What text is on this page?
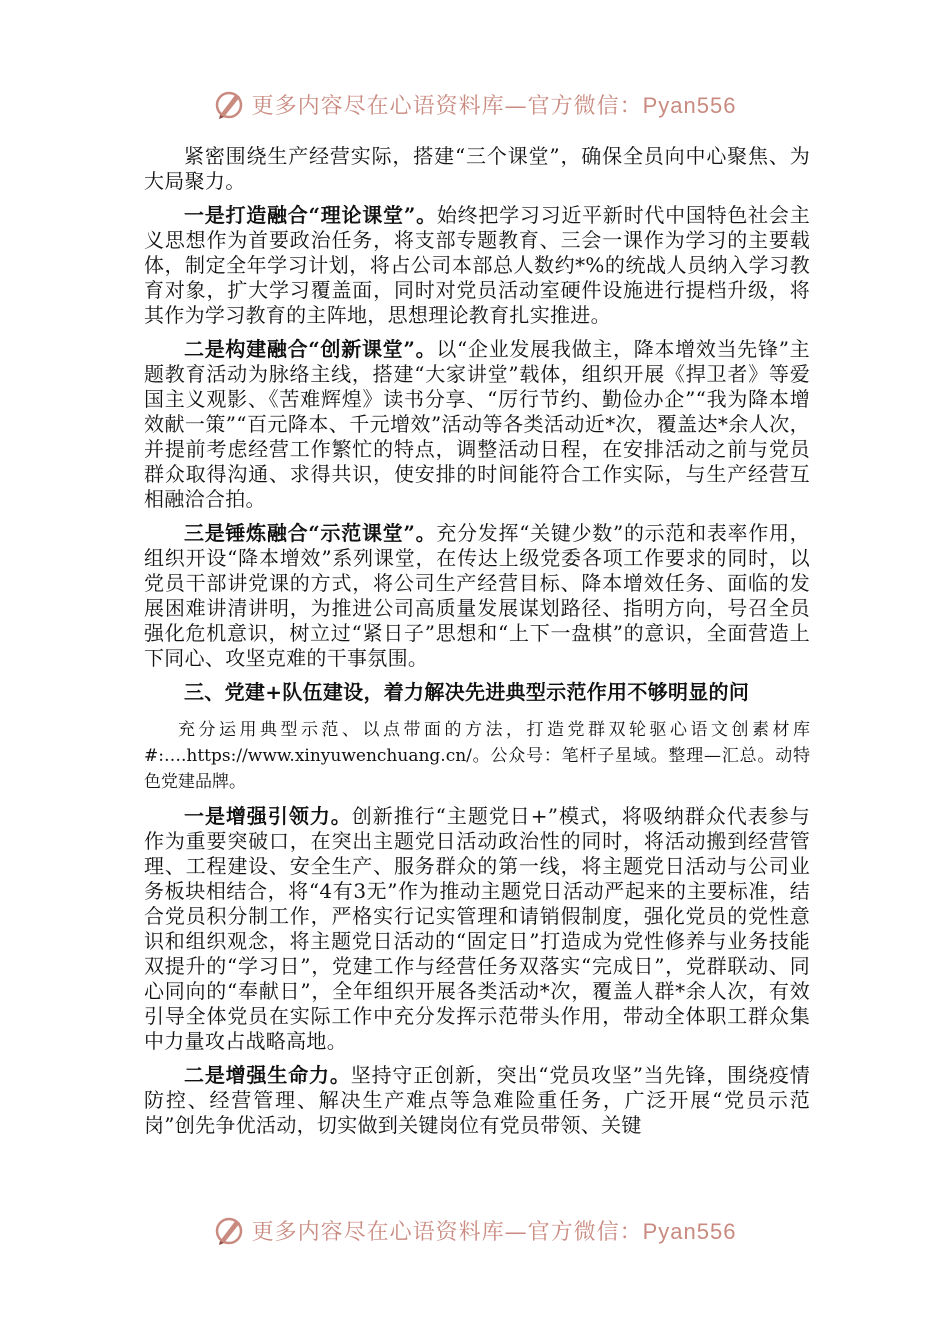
更多内容尽在心语资料库—官方微信：Pyan556

紧密围绕生产经营实际，搭建“三个课堂”，确保全员向中心聚焦、为大局聚力。

一是打造融合“理论课堂”。始终把学习习近平新时代中国特色社会主义思想作为首要政治任务，将支部专题教育、三会一课作为学习的主要载体，制定全年学习计划，将占公司本部总人数约*%的统战人员纳入学习教育对象，扩大学习覆盖面，同时对党员活动室硬件设施进行提档升级，将其作为学习教育的主阵地，思想理论教育扎实推进。

二是构建融合“创新课堂”。以“企业发展我做主，降本增效当先锋”主题教育活动为脉络主线，搭建“大家讲堂”载体，组织开展《捍卫者》等爱国主义观影、《苦难辉煌》读书分享、“厉行节约、勤俭办企”“我为降本增效献一策”“百元降本、千元增效”活动等各类活动近*次，覆盖达*余人次，并提前考虑经营工作繁忙的特点，调整活动日程，在安排活动之前与党员群众取得沟通、求得共识，使安排的时间能符合工作实际，与生产经营互相融洽合拍。

三是锤炼融合“示范课堂”。充分发挥“关键少数”的示范和表率作用，组织开设“降本增效”系列课堂，在传达上级党委各项工作要求的同时，以党员干部讲党课的方式，将公司生产经营目标、降本增效任务、面临的发展困难讲清讲明，为推进公司高质量发展谋划路径、指明方向，号召全员强化危机意识，树立过“紧日子”思想和“上下一盘棋”的意识，全面营造上下同心、攻坚克难的干事氛围。

三、党建+队伍建设，着力解决先进典型示范作用不够明显的问

充分运用典型示范、以点带面的方法，打造党群双轮驱心语文创素材库#:….https://www.xinyuwenchuang.cn/。公众号：笔杆子星域。整理—汇总。动特色党建品牌。

一是增强引领力。创新推行“主题党日+”模式，将吸纳群众代表参与作为重要突破口，在突出主题党日活动政治性的同时，将活动搬到经营管理、工程建设、安全生产、服务群众的第一线，将主题党日活动与公司业务板块相结合，将“4有3无”作为推动主题党日活动严起来的主要标准，结合党员积分制工作，严格实行记实管理和请销假制度，强化党员的党性意识和组织观念，将主题党日活动的“固定日”打造成为党性修养与业务技能双提升的“学习日”，党建工作与经营任务双落实“完成日”，党群联动、同心同向的“奉献日”，全年组织开展各类活动*次，覆盖人群*余人次，有效引导全体党员在实际工作中充分发挥示范带头作用，带动全体职工群众集中力量攻占战略高地。

二是增强生命力。坚持守正创新，突出“党员攻坚”当先锋，围绕疫情防控、经营管理、解决生产难点等急难险重任务，广泛开展“党员示范岗”创先争优活动，切实做到关键岗位有党员带领、关键

更多内容尽在心语资料库—官方微信：Pyan556
